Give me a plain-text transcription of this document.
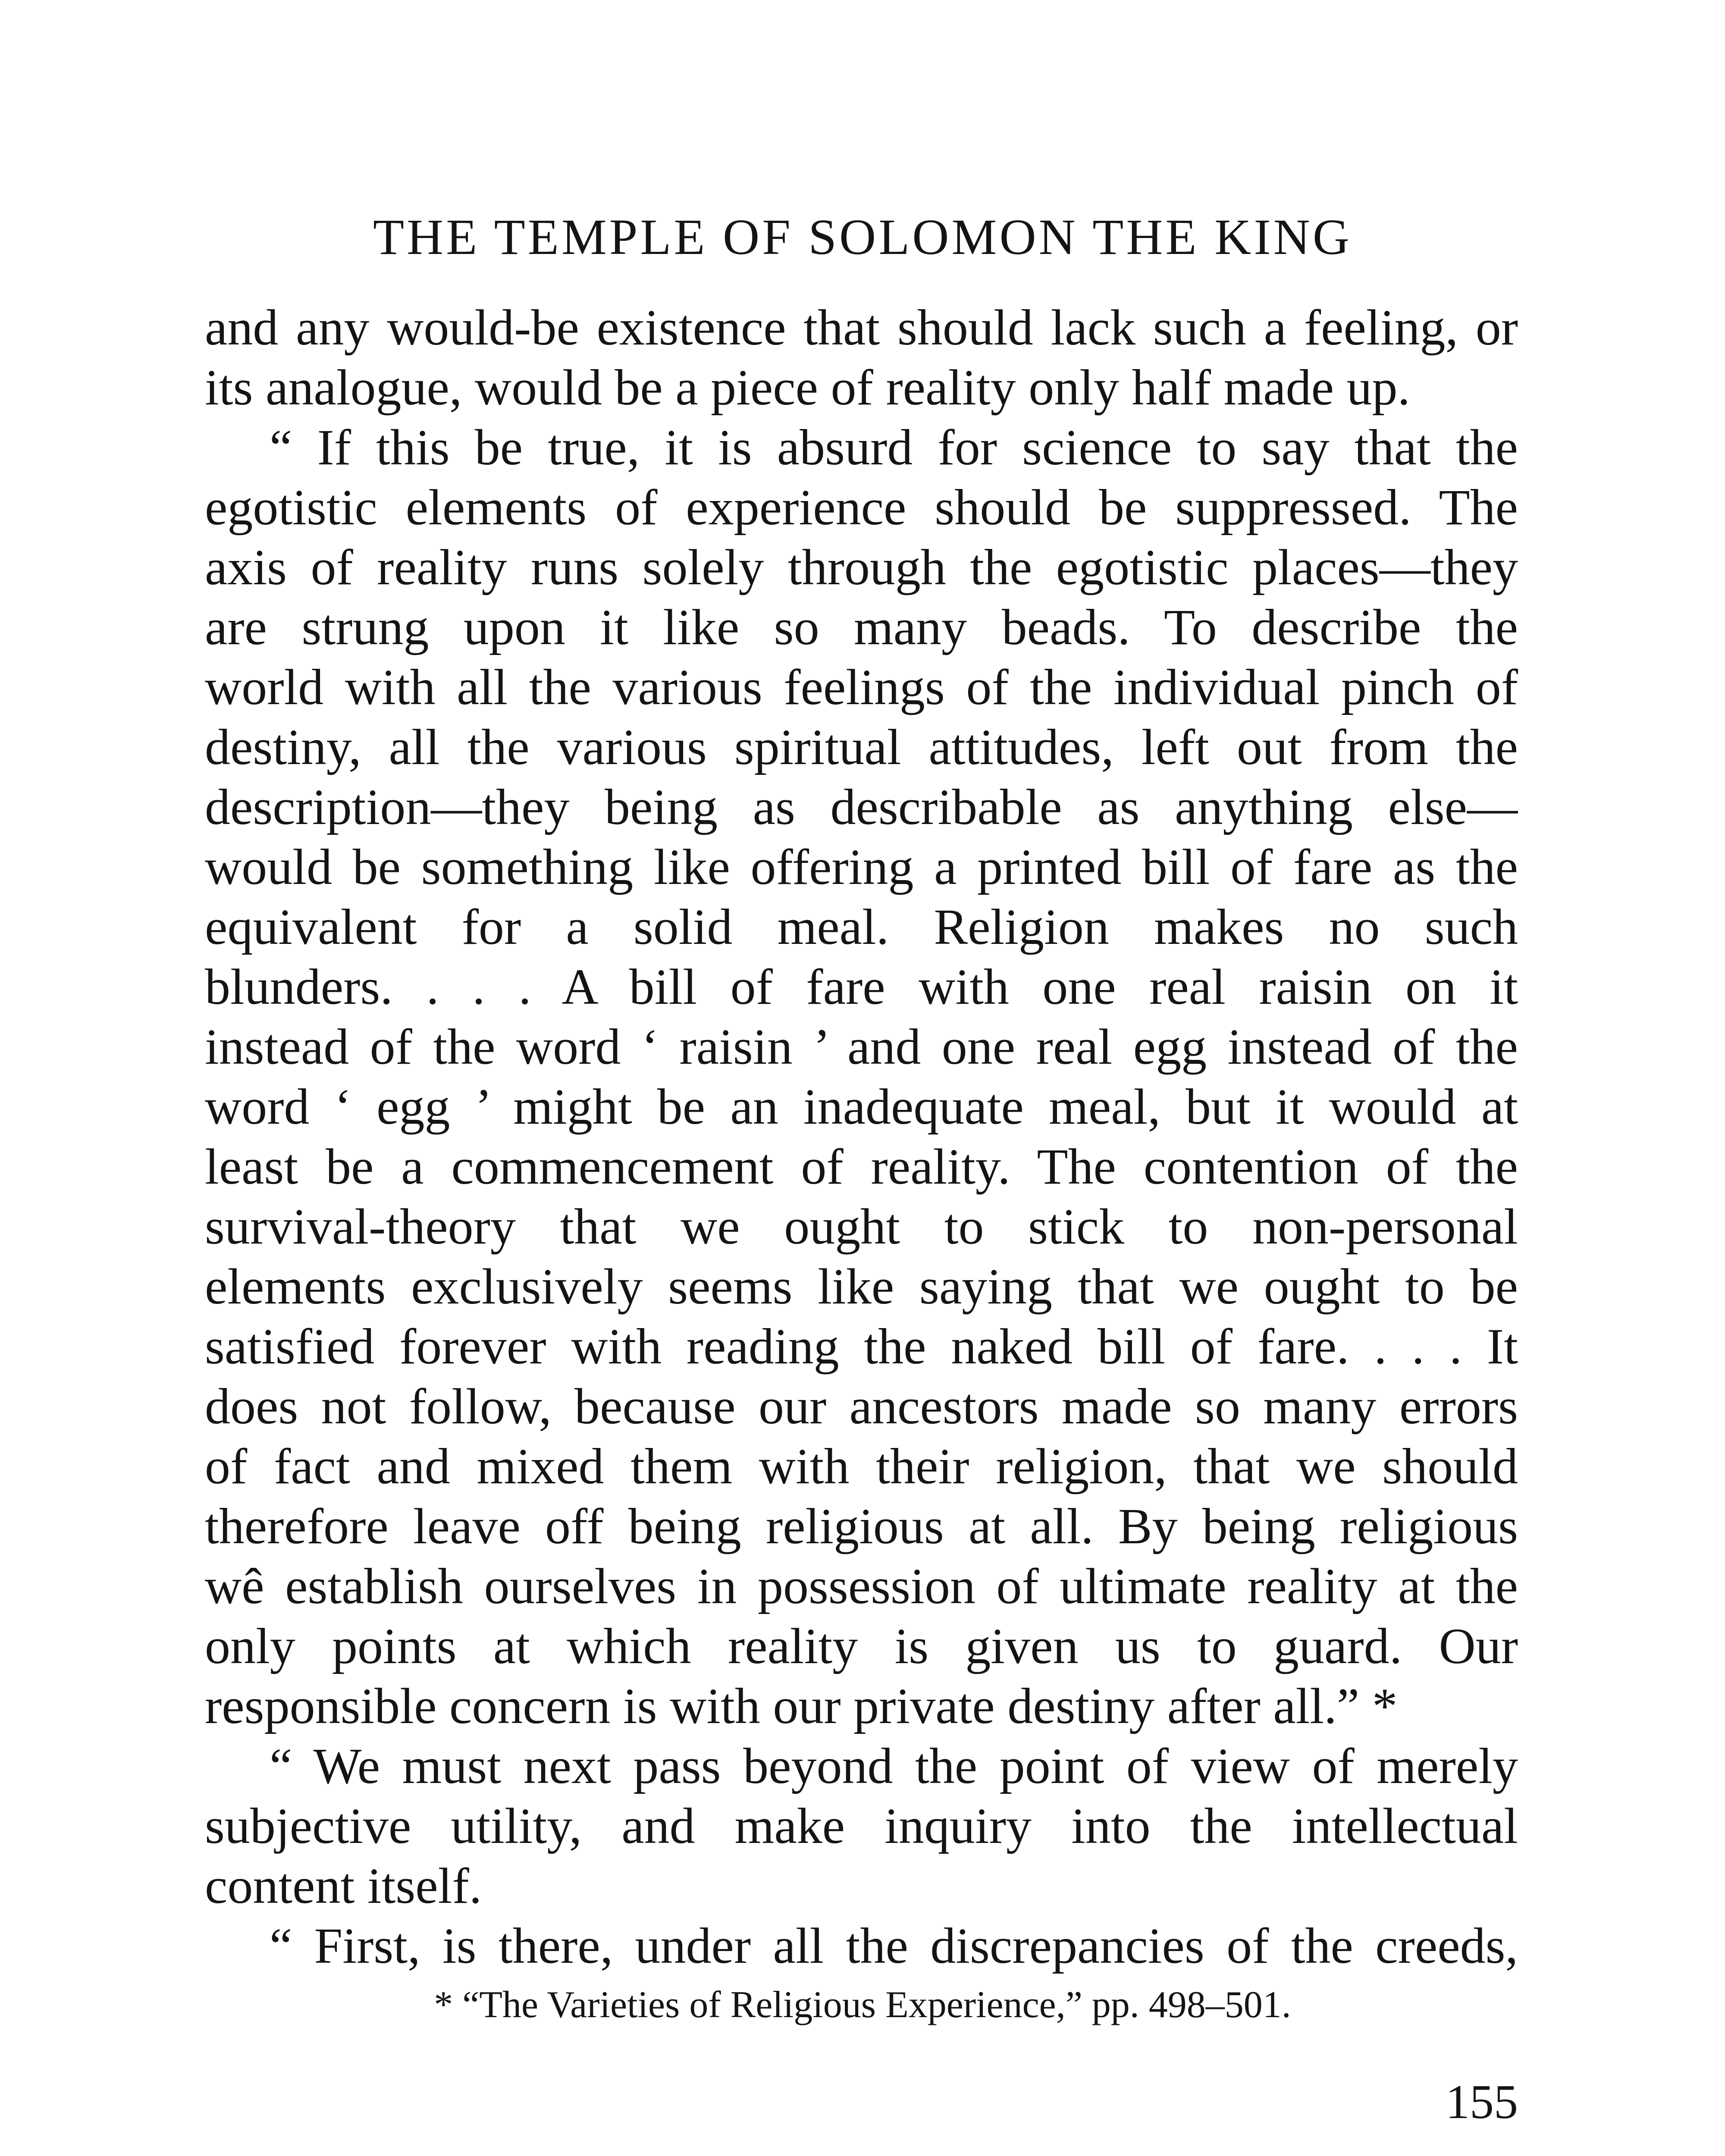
THE TEMPLE OF SOLOMON THE KING
and any would-be existence that should lack such a feeling, or
its analogue, would be a piece of reality only half made up.
“ If this be true, it is absurd for science to say that the
egotistic elements of experience should be suppressed. The
axis of reality runs solely through the egotistic places—they
are strung upon it like so many beads. To describe the
world with all the various feelings of the individual pinch of
destiny, all the various spiritual attitudes, left out from the
description—they being as describable as anything else—
would be something like offering a printed bill of fare as the
equivalent for a solid meal. Religion makes no such
blunders. . . . A bill of fare with one real raisin on it
instead of the word ‘ raisin ’ and one real egg instead of the
word ‘ egg ’ might be an inadequate meal, but it would at
least be a commencement of reality. The contention of the
survival-theory that we ought to stick to non-personal
elements exclusively seems like saying that we ought to be
satisfied forever with reading the naked bill of fare. . . . It
does not follow, because our ancestors made so many errors
of fact and mixed them with their religion, that we should
therefore leave off being religious at all. By being religious
wê establish ourselves in possession of ultimate reality at the
only points at which reality is given us to guard. Our
responsible concern is with our private destiny after all.” *
“ We must next pass beyond the point of view of merely
subjective utility, and make inquiry into the intellectual
content itself.
“ First, is there, under all the discrepancies of the creeds,
* “The Varieties of Religious Experience,” pp. 498–501.
155
